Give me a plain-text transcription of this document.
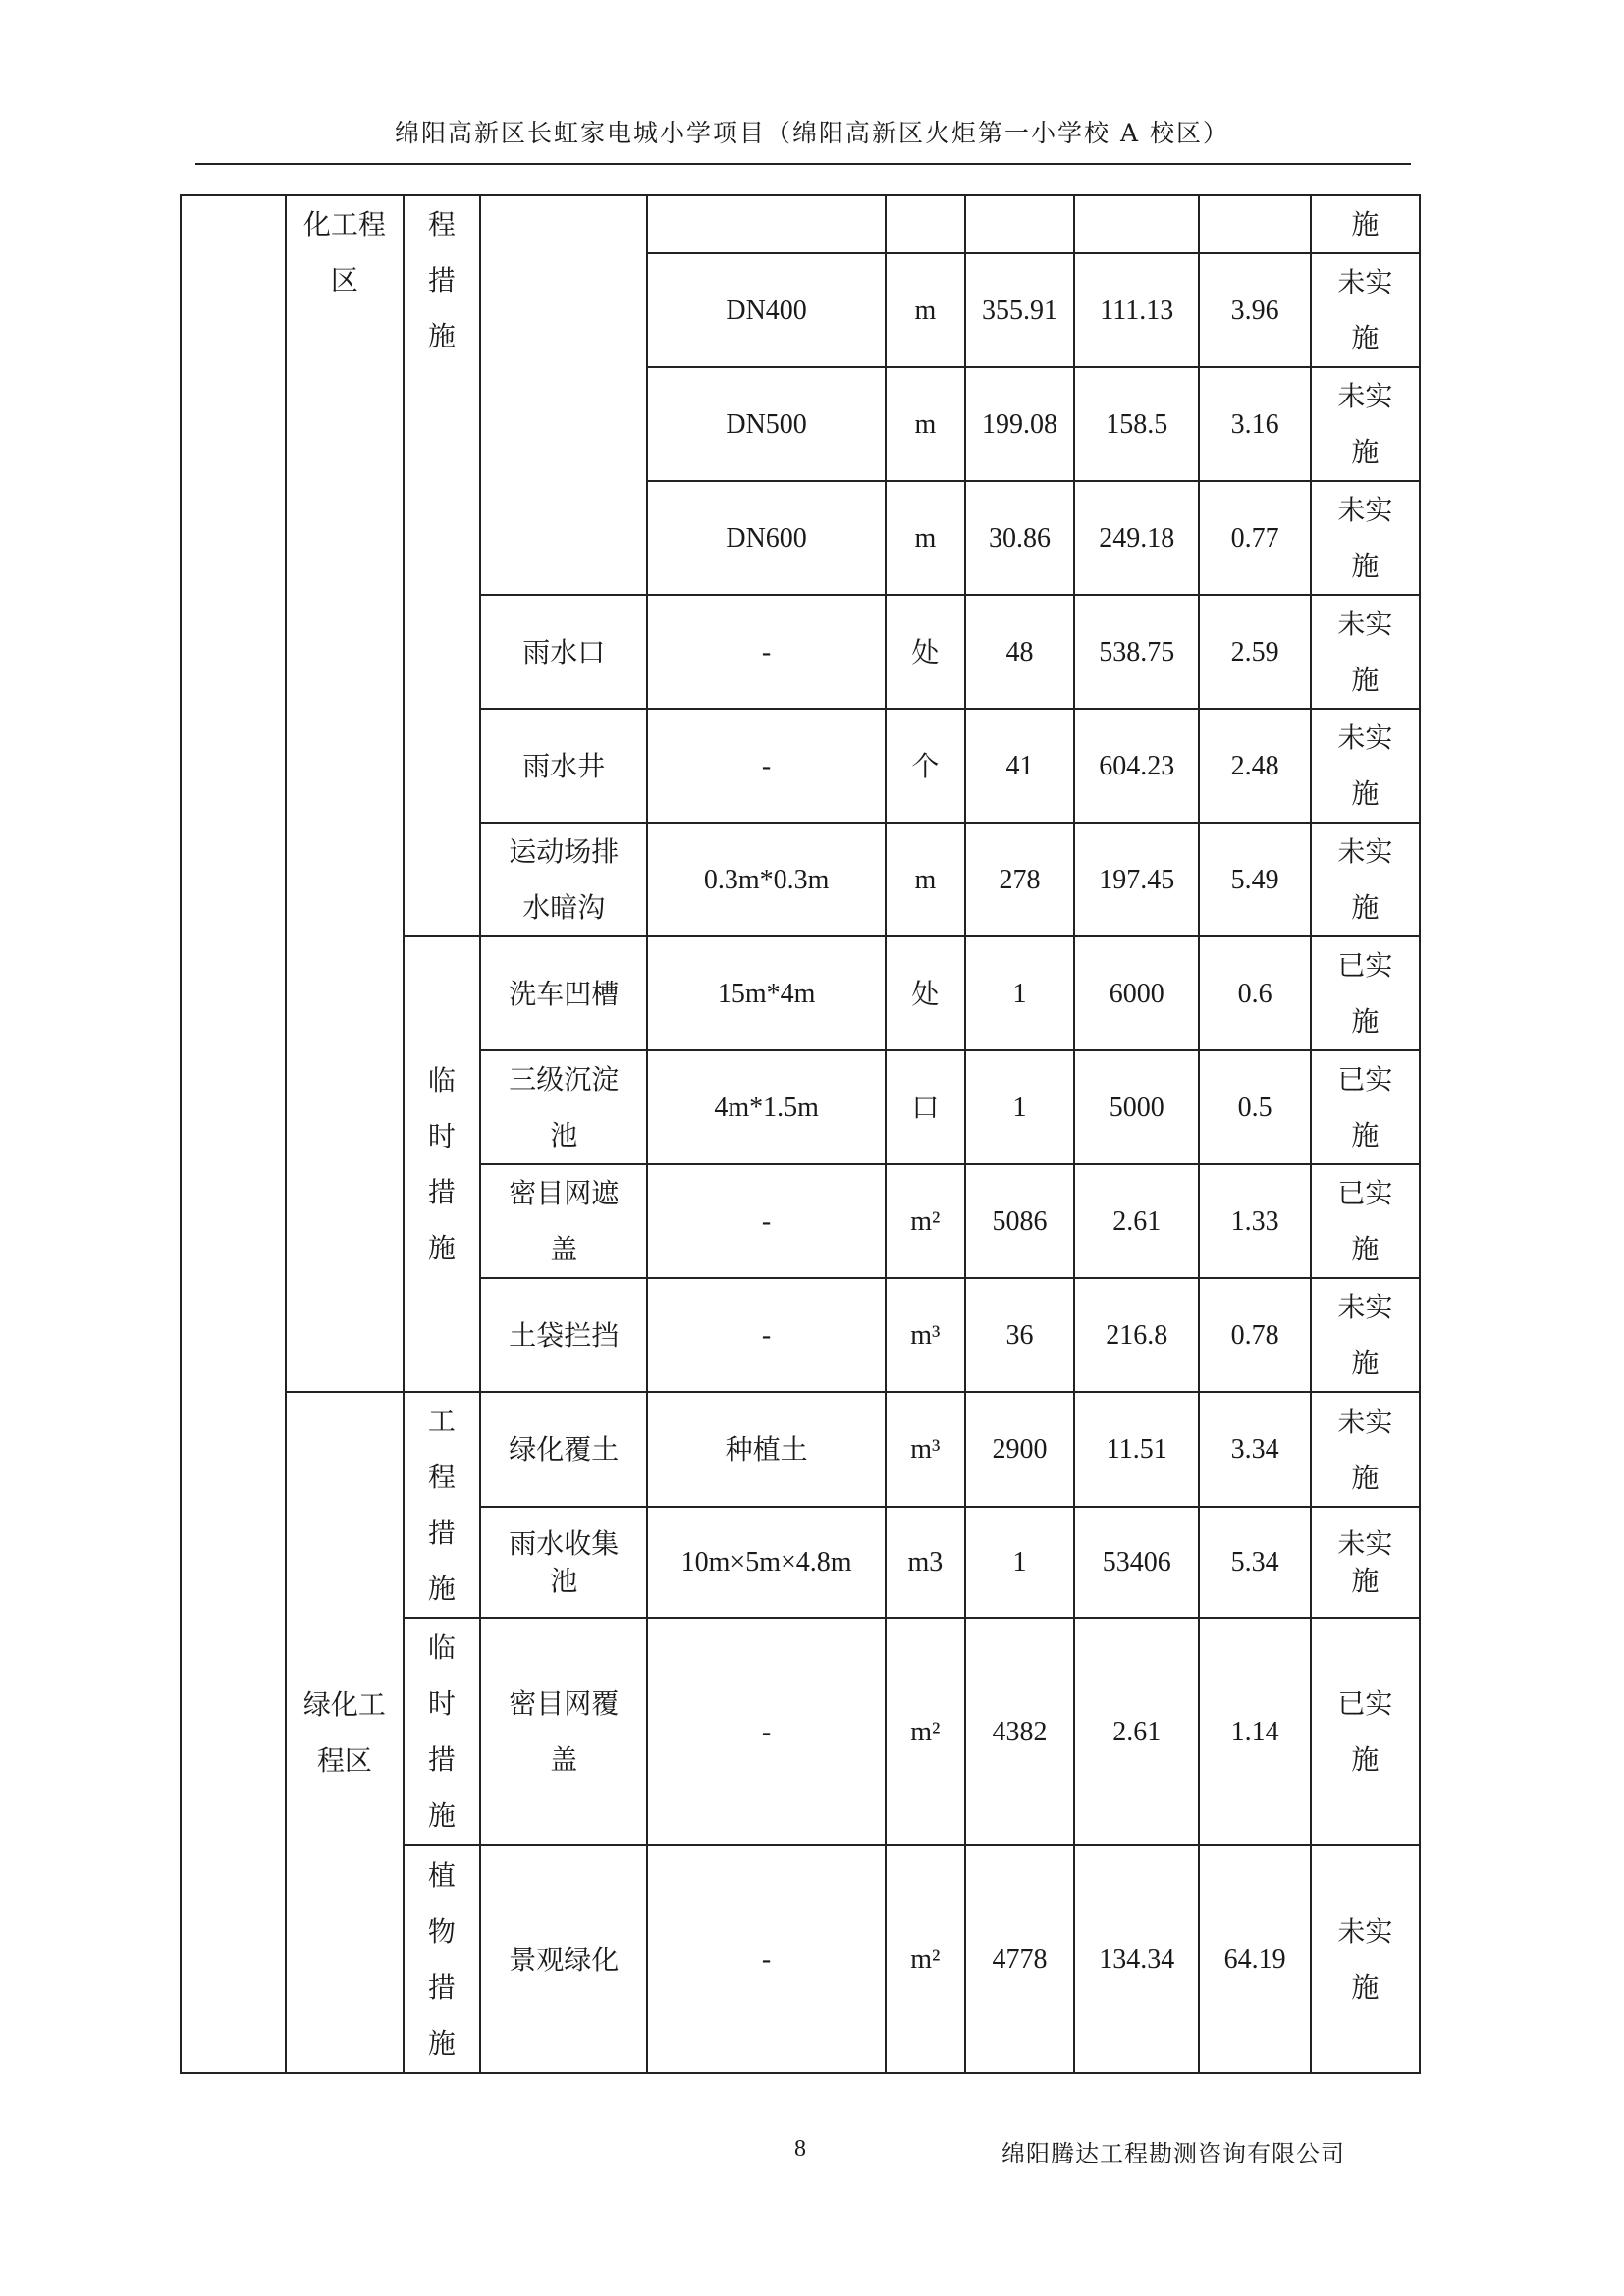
绵阳高新区长虹家电城小学项目（绵阳高新区火炬第一小学校 A 校区）

	化工程区	程措施							施
				DN400	m	355.91	111.13	3.96	未实施

				DN500	m	199.08	158.5	3.16	未实施

				DN600	m	30.86	249.18	0.77	未实施

			雨水口	-	处	48	538.75	2.59	未实施

			雨水井	-	个	41	604.23	2.48	未实施

			运动场排水暗沟	0.3m*0.3m	m	278	197.45	5.49	未实施

		临时措施	洗车凹槽	15m*4m	处	1	6000	0.6	已实施

			三级沉淀池	4m*1.5m	口	1	5000	0.5	已实施

			密目网遮盖	-	m²	5086	2.61	1.33	已实施

			土袋拦挡	-	m³	36	216.8	0.78	未实施

	绿化工程区	工程措施	绿化覆土	种植土	m³	2900	11.51	3.34	未实施

			雨水收集池	10m×5m×4.8m	m3	1	53406	5.34	未实施

		临时措施	密目网覆盖	-	m²	4382	2.61	1.14	已实施

		植物措施	景观绿化	-	m²	4778	134.34	64.19	未实施
8	绵阳腾达工程勘测咨询有限公司
